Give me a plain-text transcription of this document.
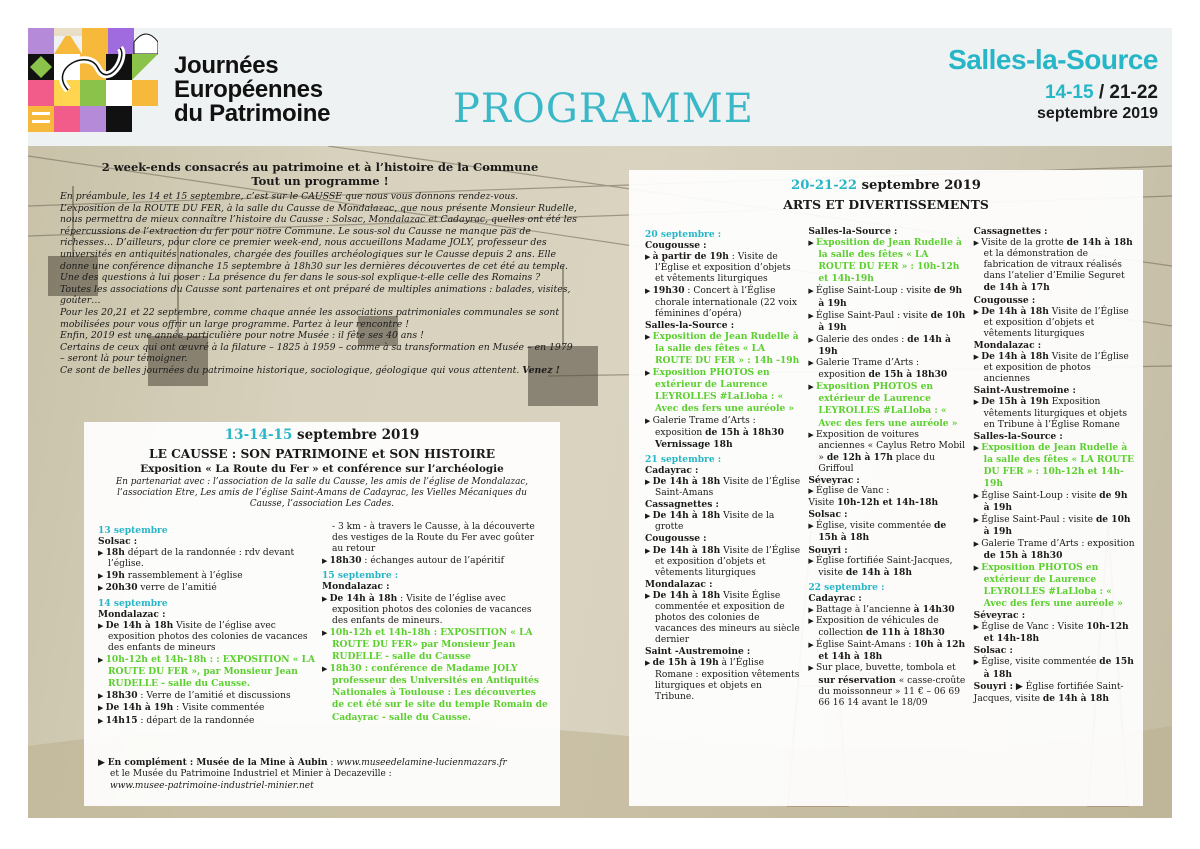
Journées
Européennes
du Patrimoine	PROGRAMME
Salles-la-Source
14-15 / 21-22
septembre 2019
2 week-ends consacrés au patrimoine et à l’histoire de la Commune
Tout un programme !

En préambule, les 14 et 15 septembre, c’est sur le CAUSSE que nous vous donnons rendez-vous.

L’exposition de la ROUTE DU FER, à la salle du Causse de Mondalazac, que nous présente Monsieur Rudelle, nous permettra de mieux connaître l’histoire du Causse : Solsac, Mondalazac et Cadayrac, quelles ont été les répercussions de l’extraction du fer pour notre Commune. Le sous-sol du Causse ne manque pas de richesses… D’ailleurs, pour clore ce premier week-end, nous accueillons Madame JOLY, professeur des universités en antiquités nationales, chargée des fouilles archéologiques sur le Causse depuis 2 ans. Elle donne une conférence dimanche 15 septembre à 18h30 sur les dernières découvertes de cet été au temple. Une des questions à lui poser : La présence du fer dans le sous-sol explique-t-elle celle des Romains ?

Toutes les associations du Causse sont partenaires et ont préparé de multiples animations : balades, visites, goûter…

Pour les 20,21 et 22 septembre, comme chaque année les associations patrimoniales communales se sont mobilisées pour vous offrir un large programme. Partez à leur rencontre !

Enfin, 2019 est une année particulière pour notre Musée : il fête ses 40 ans !

Certains de ceux qui ont œuvré à la filature – 1825 à 1959 – comme à sa transformation en Musée – en 1979 – seront là pour témoigner.

Ce sont de belles journées du patrimoine historique, sociologique, géologique qui vous attentent. Venez !

13-14-15 septembre 2019
LE CAUSSE : SON PATRIMOINE et SON HISTOIRE
Exposition « La Route du Fer » et conférence sur l’archéologie
En partenariat avec : l’association de la salle du Causse, les amis de l’église de Mondalazac, l’association Etre, Les amis de l’église Saint-Amans de Cadayrac, les Vielles Mécaniques du Causse, l’association Les Cades.
13 septembre
Solsac :
▶ 18h départ de la randonnée : rdv devant l’église.
▶ 19h rassemblement à l’église
▶ 20h30 verre de l’amitié
14 septembre
Mondalazac :
▶ De 14h à 18h Visite de l’église avec exposition photos des colonies de vacances des enfants de mineurs
▶ 10h-12h et 14h-18h : : EXPOSITION « LA ROUTE DU FER », par Monsieur Jean RUDELLE - salle du Causse.
▶ 18h30 : Verre de l’amitié et discussions
▶ De 14h à 19h : Visite commentée
▶ 14h15 : départ de la randonnée
- 3 km - à travers le Causse, à la découverte des vestiges de la Route du Fer avec goûter au retour
▶ 18h30 : échanges autour de l’apéritif
15 septembre :
Mondalazac :
▶ De 14h à 18h : Visite de l’église avec exposition photos des colonies de vacances des enfants de mineurs.
▶ 10h-12h et 14h-18h : EXPOSITION « LA ROUTE DU FER» par Monsieur Jean RUDELLE - salle du Causse
▶ 18h30 : conférence de Madame JOLY professeur des Universités en Antiquités Nationales à Toulouse : Les découvertes de cet été sur le site du temple Romain de Cadayrac - salle du Causse.
▶ En complément : Musée de la Mine à Aubin : www.museedelamine-lucienmazars.fr
et le Musée du Patrimoine Industriel et Minier à Decazeville :
www.musee-patrimoine-industriel-minier.net
20-21-22 septembre 2019
ARTS ET DIVERTISSEMENTS
20 septembre :
Cougousse :
▶ à partir de 19h : Visite de l’Église et exposition d’objets et vêtements liturgiques
▶ 19h30 : Concert à l’Église chorale internationale (22 voix féminines d’opéra)
Salles-la-Source :
▶ Exposition de Jean Rudelle à la salle des fêtes « LA ROUTE DU FER » : 14h -19h
▶ Exposition PHOTOS en extérieur de Laurence LEYROLLES #LaLloba : « Avec des fers une auréole »
▶ Galerie Trame d’Arts : exposition de 15h à 18h30 Vernissage 18h
21 septembre :
Cadayrac :
▶ De 14h à 18h Visite de l’Église Saint-Amans
Cassagnettes :
▶ De 14h à 18h Visite de la grotte
Cougousse :
▶ De 14h à 18h Visite de l’Église et exposition d’objets et vêtements liturgiques
Mondalazac :
▶ De 14h à 18h Visite Église commentée et exposition de photos des colonies de vacances des mineurs au siècle dernier
Saint -Austremoine :
▶ de 15h à 19h à l’Église Romane : exposition vêtements liturgiques et objets en Tribune.
Salles-la-Source :
▶ Exposition de Jean Rudelle à la salle des fêtes « LA ROUTE DU FER » : 10h-12h et 14h-19h
▶ Église Saint-Loup : visite de 9h à 19h
▶ Église Saint-Paul : visite de 10h à 19h
▶ Galerie des ondes : de 14h à 19h
▶ Galerie Trame d’Arts : exposition de 15h à 18h30
▶ Exposition PHOTOS en extérieur de Laurence LEYROLLES #LaLloba : « Avec des fers une auréole »
▶ Exposition de voitures anciennes « Caylus Retro Mobil » de 12h à 17h place du Griffoul
Séveyrac :
▶ Église de Vanc :
Visite 10h-12h et 14h-18h
Solsac :
▶ Église, visite commentée de 15h à 18h
Souyri :
▶ Église fortifiée Saint-Jacques, visite de 14h à 18h
22 septembre :
Cadayrac :
▶ Battage à l’ancienne à 14h30
▶ Exposition de véhicules de collection de 11h à 18h30
▶ Église Saint-Amans : 10h à 12h et 14h à 18h
▶ Sur place, buvette, tombola et sur réservation « casse-croûte du moissonneur » 11 € – 06 69 66 16 14 avant le 18/09
Cassagnettes :
▶ Visite de la grotte de 14h à 18h et la démonstration de fabrication de vitraux réalisés dans l’atelier d’Emilie Seguret de 14h à 17h
Cougousse :
▶ De 14h à 18h Visite de l’Église et exposition d’objets et vêtements liturgiques
Mondalazac :
▶ De 14h à 18h Visite de l’Église et exposition de photos anciennes
Saint-Austremoine :
▶ De 15h à 19h Exposition vêtements liturgiques et objets en Tribune à l’Église Romane
Salles-la-Source :
▶ Exposition de Jean Rudelle à la salle des fêtes « LA ROUTE DU FER » : 10h-12h et 14h-19h
▶ Église Saint-Loup : visite de 9h à 19h
▶ Église Saint-Paul : visite de 10h à 19h
▶ Galerie Trame d’Arts : exposition de 15h à 18h30
▶ Exposition PHOTOS en extérieur de Laurence LEYROLLES #LaLloba : « Avec des fers une auréole »
Séveyrac :
▶ Église de Vanc : Visite 10h-12h et 14h-18h
Solsac :
▶ Église, visite commentée de 15h à 18h
Souyri : ▶ Église fortifiée Saint-Jacques, visite de 14h à 18h
